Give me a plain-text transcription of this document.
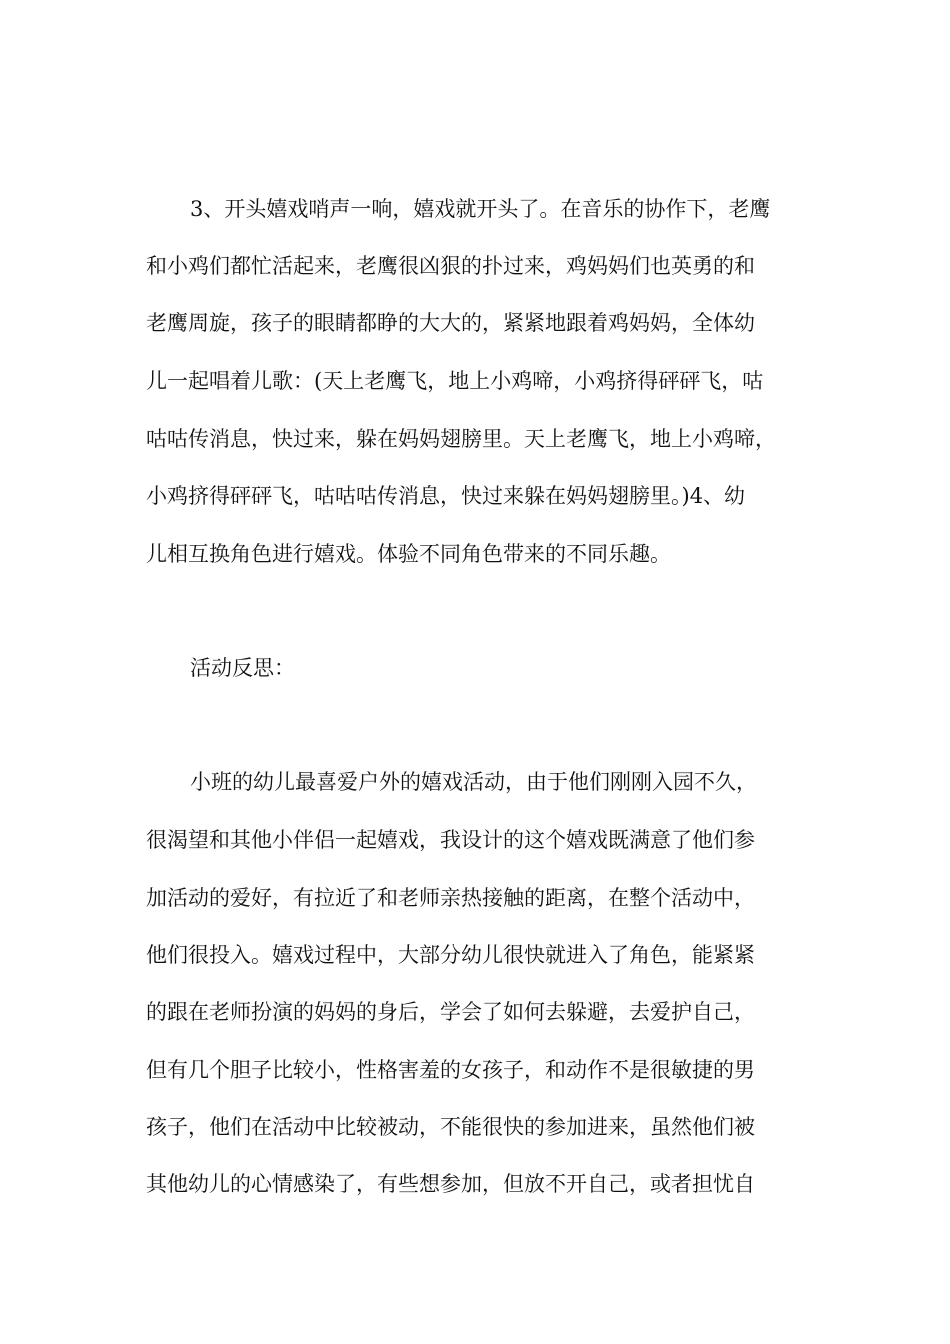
3、开头嬉戏哨声一响，嬉戏就开头了。在音乐的协作下，老鹰
和小鸡们都忙活起来，老鹰很凶狠的扑过来，鸡妈妈们也英勇的和
老鹰周旋，孩子的眼睛都睁的大大的，紧紧地跟着鸡妈妈，全体幼
儿一起唱着儿歌：(天上老鹰飞，地上小鸡啼，小鸡挤得砰砰飞，咕
咕咕传消息，快过来，躲在妈妈翅膀里。天上老鹰飞，地上小鸡啼，
小鸡挤得砰砰飞，咕咕咕传消息，快过来躲在妈妈翅膀里。)4、幼
儿相互换角色进行嬉戏。体验不同角色带来的不同乐趣。
活动反思：
小班的幼儿最喜爱户外的嬉戏活动，由于他们刚刚入园不久，
很渴望和其他小伴侣一起嬉戏，我设计的这个嬉戏既满意了他们参
加活动的爱好，有拉近了和老师亲热接触的距离，在整个活动中，
他们很投入。嬉戏过程中，大部分幼儿很快就进入了角色，能紧紧
的跟在老师扮演的妈妈的身后，学会了如何去躲避，去爱护自己，
但有几个胆子比较小，性格害羞的女孩子，和动作不是很敏捷的男
孩子，他们在活动中比较被动，不能很快的参加进来，虽然他们被
其他幼儿的心情感染了，有些想参加，但放不开自己，或者担忧自
